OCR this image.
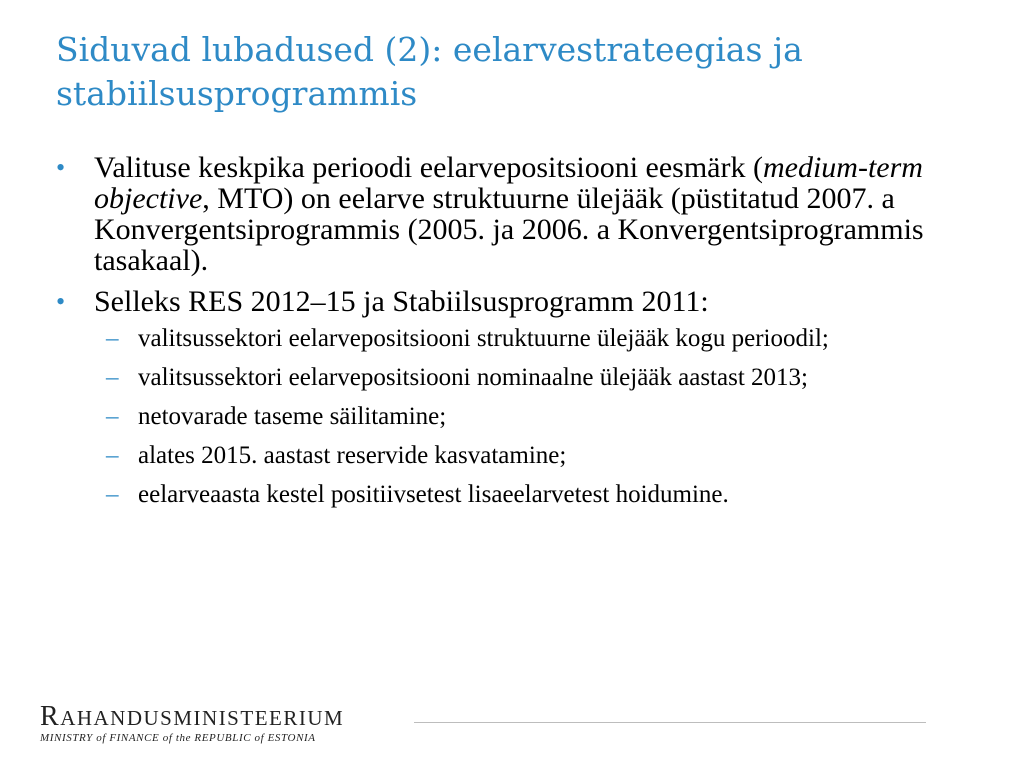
Siduvad lubadused (2): eelarvestrateegias ja stabiilsusprogrammis
• Valituse keskpika perioodi eelarvepositsiooni eesmärk (medium-term objective, MTO) on eelarve struktuurne ülejääk (püstitatud 2007. a Konvergentsiprogrammis (2005. ja 2006. a Konvergentsiprogrammis tasakaal).
• Selleks RES 2012–15 ja Stabiilsusprogramm 2011:
– valitsussektori eelarvepositsiooni struktuurne ülejääk kogu perioodil;
– valitsussektori eelarvepositsiooni nominaalne ülejääk aastast 2013;
– netovarade taseme säilitamine;
– alates 2015. aastast reservide kasvatamine;
– eelarveaasta kestel positiivsetest lisaeelarvetest hoidumine.
RAHANDUSMINISTEERIUM
MINISTRY of FINANCE of the REPUBLIC of ESTONIA
